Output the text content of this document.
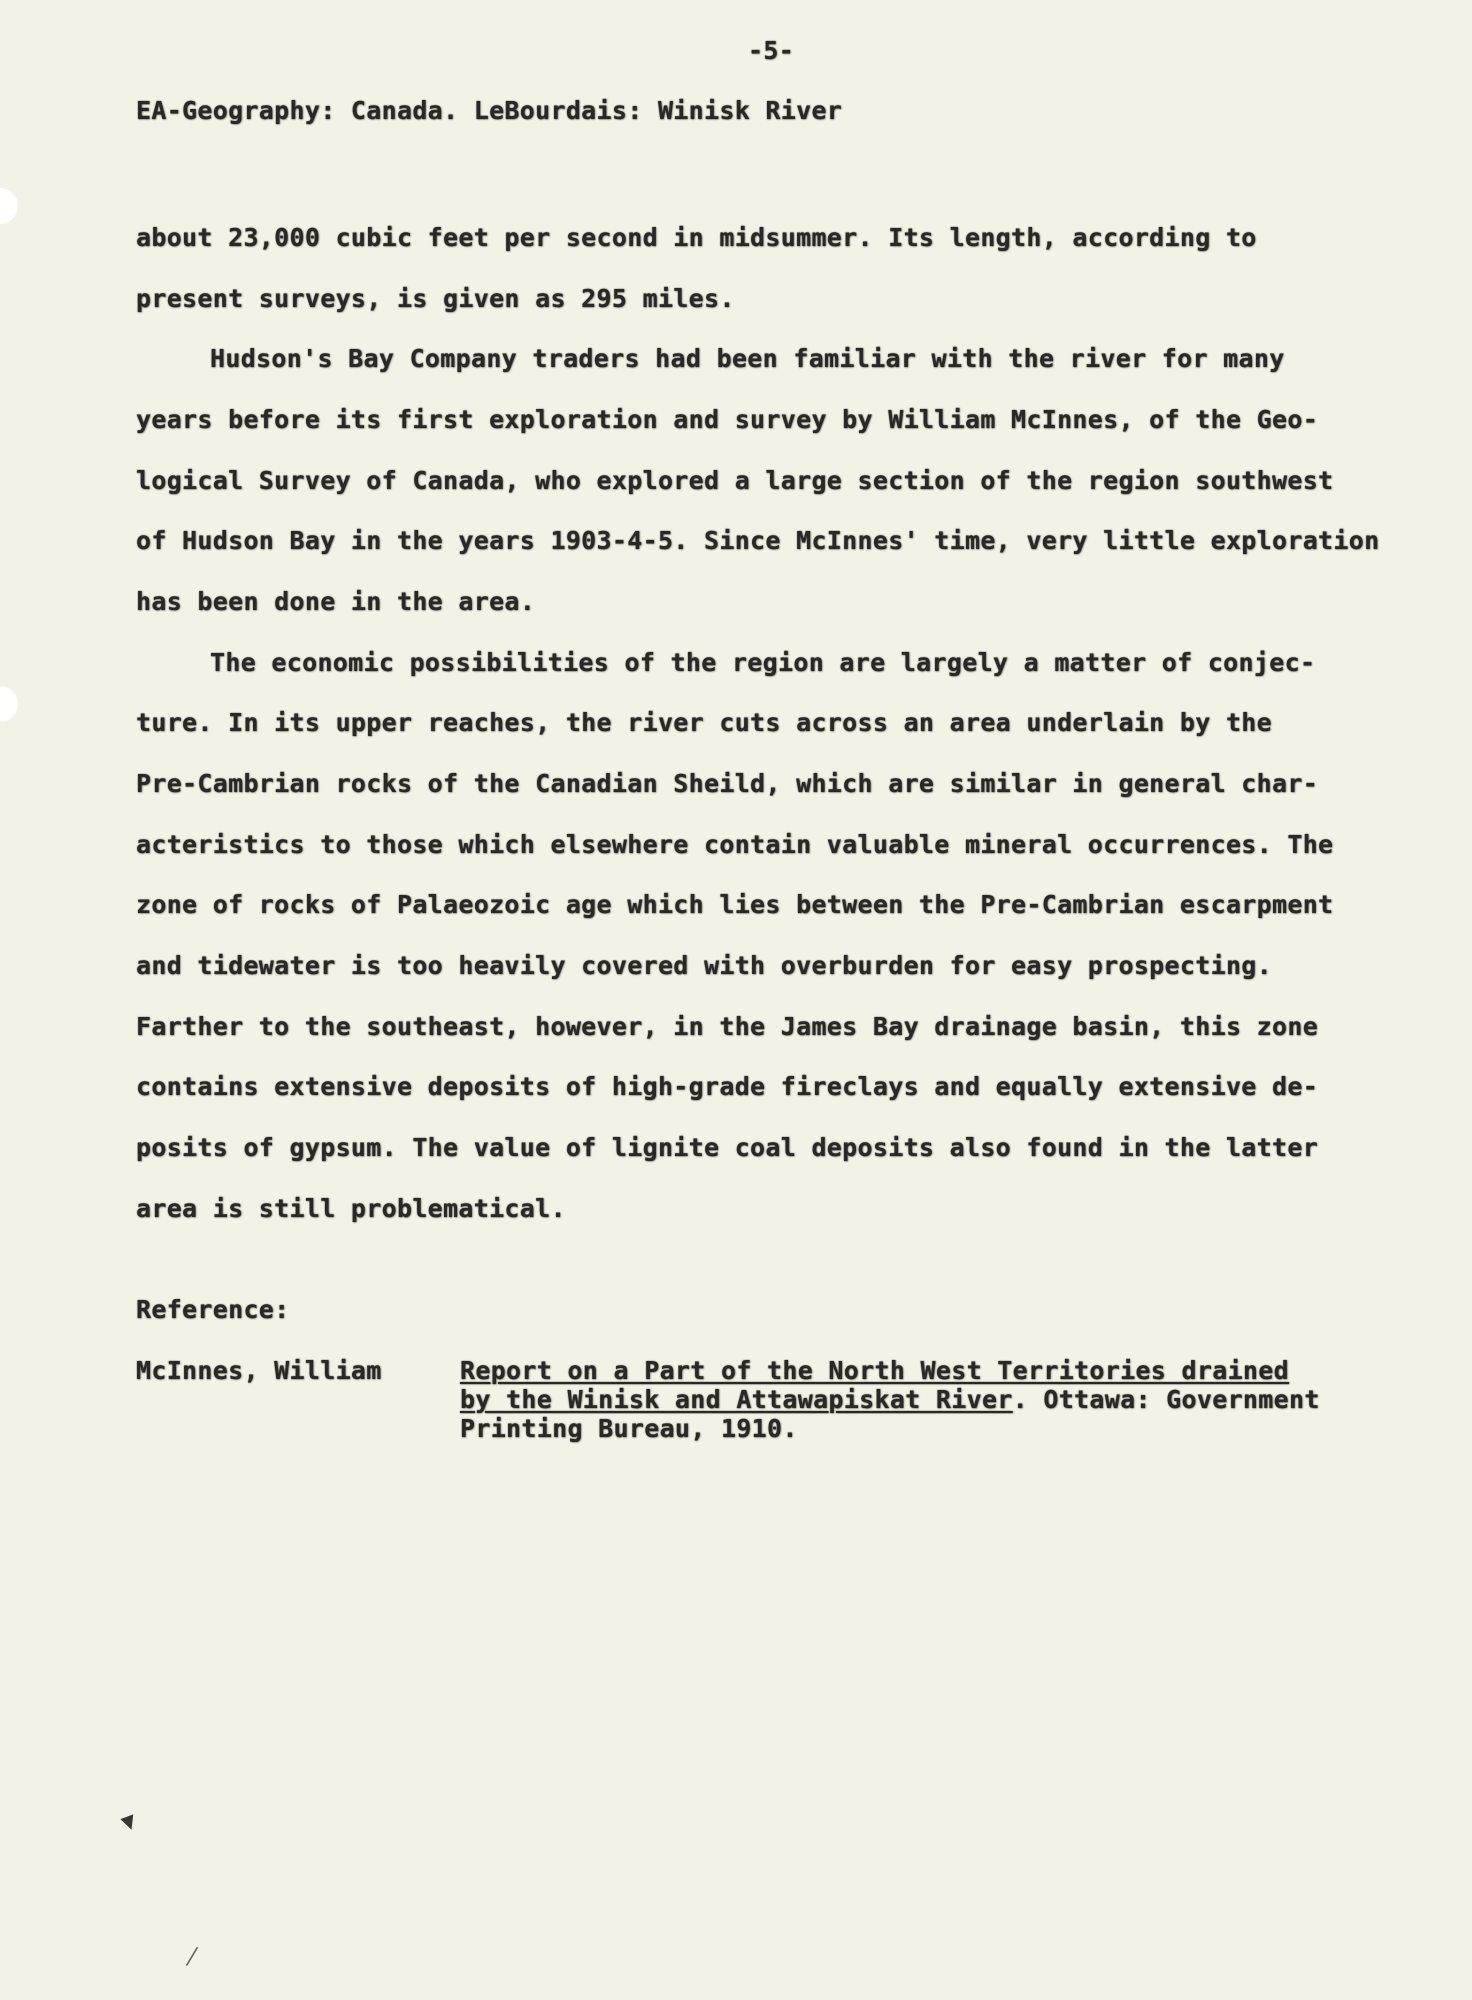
-5-
EA-Geography: Canada. LeBourdais: Winisk River
about 23,000 cubic feet per second in midsummer. Its length, according to
present surveys, is given as 295 miles.
Hudson's Bay Company traders had been familiar with the river for many
years before its first exploration and survey by William McInnes, of the Geo-
logical Survey of Canada, who explored a large section of the region southwest
of Hudson Bay in the years 1903-4-5. Since McInnes' time, very little exploration
has been done in the area.
The economic possibilities of the region are largely a matter of conjec-
ture. In its upper reaches, the river cuts across an area underlain by the
Pre-Cambrian rocks of the Canadian Sheild, which are similar in general char-
acteristics to those which elsewhere contain valuable mineral occurrences. The
zone of rocks of Palaeozoic age which lies between the Pre-Cambrian escarpment
and tidewater is too heavily covered with overburden for easy prospecting.
Farther to the southeast, however, in the James Bay drainage basin, this zone
contains extensive deposits of high-grade fireclays and equally extensive de-
posits of gypsum. The value of lignite coal deposits also found in the latter
area is still problematical.
Reference:
McInnes, William	Report on a Part of the North West Territories drained
by the Winisk and Attawapiskat River. Ottawa: Government
Printing Bureau, 1910.
▼
⁄
